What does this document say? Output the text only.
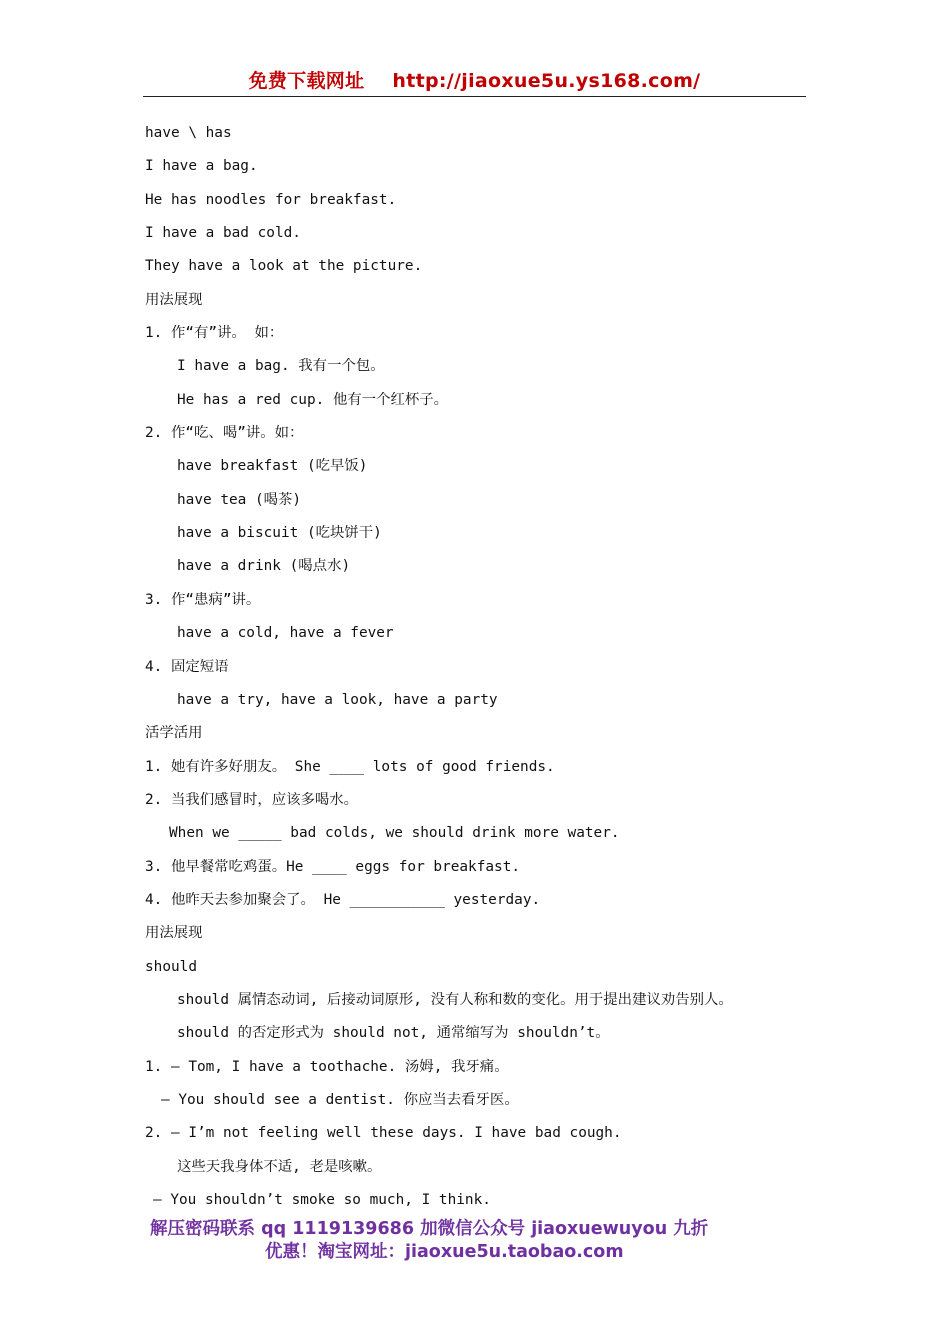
免费下载网址 http://jiaoxue5u.ys168.com/
have \ has
I have a bag.
He has noodles for breakfast.
I have a bad cold.
They have a look at the picture.
用法展现
1. 作“有”讲。 如：
I have a bag. 我有一个包。
He has a red cup. 他有一个红杯子。
2. 作“吃、喝”讲。如：
have breakfast (吃早饭)
have tea (喝茶)
have a biscuit (吃块饼干)
have a drink (喝点水)
3. 作“患病”讲。
have a cold, have a fever
4. 固定短语
have a try, have a look, have a party
活学活用
1. 她有许多好朋友。 She ____ lots of good friends.
2. 当我们感冒时，应该多喝水。
When we _____ bad colds, we should drink more water.
3. 他早餐常吃鸡蛋。He ____ eggs for breakfast.
4. 他昨天去参加聚会了。 He ___________ yesterday.
用法展现
should
should 属情态动词, 后接动词原形, 没有人称和数的变化。用于提出建议劝告别人。
should 的否定形式为 should not, 通常缩写为 shouldn’t。
1. — Tom, I have a toothache. 汤姆, 我牙痛。
— You should see a dentist. 你应当去看牙医。
2. — I’m not feeling well these days. I have bad cough.
这些天我身体不适, 老是咳嗽。
— You shouldn’t smoke so much, I think.
解压密码联系 qq 1119139686 加微信公众号 jiaoxuewuyou 九折
优惠！淘宝网址：jiaoxue5u.taobao.com
